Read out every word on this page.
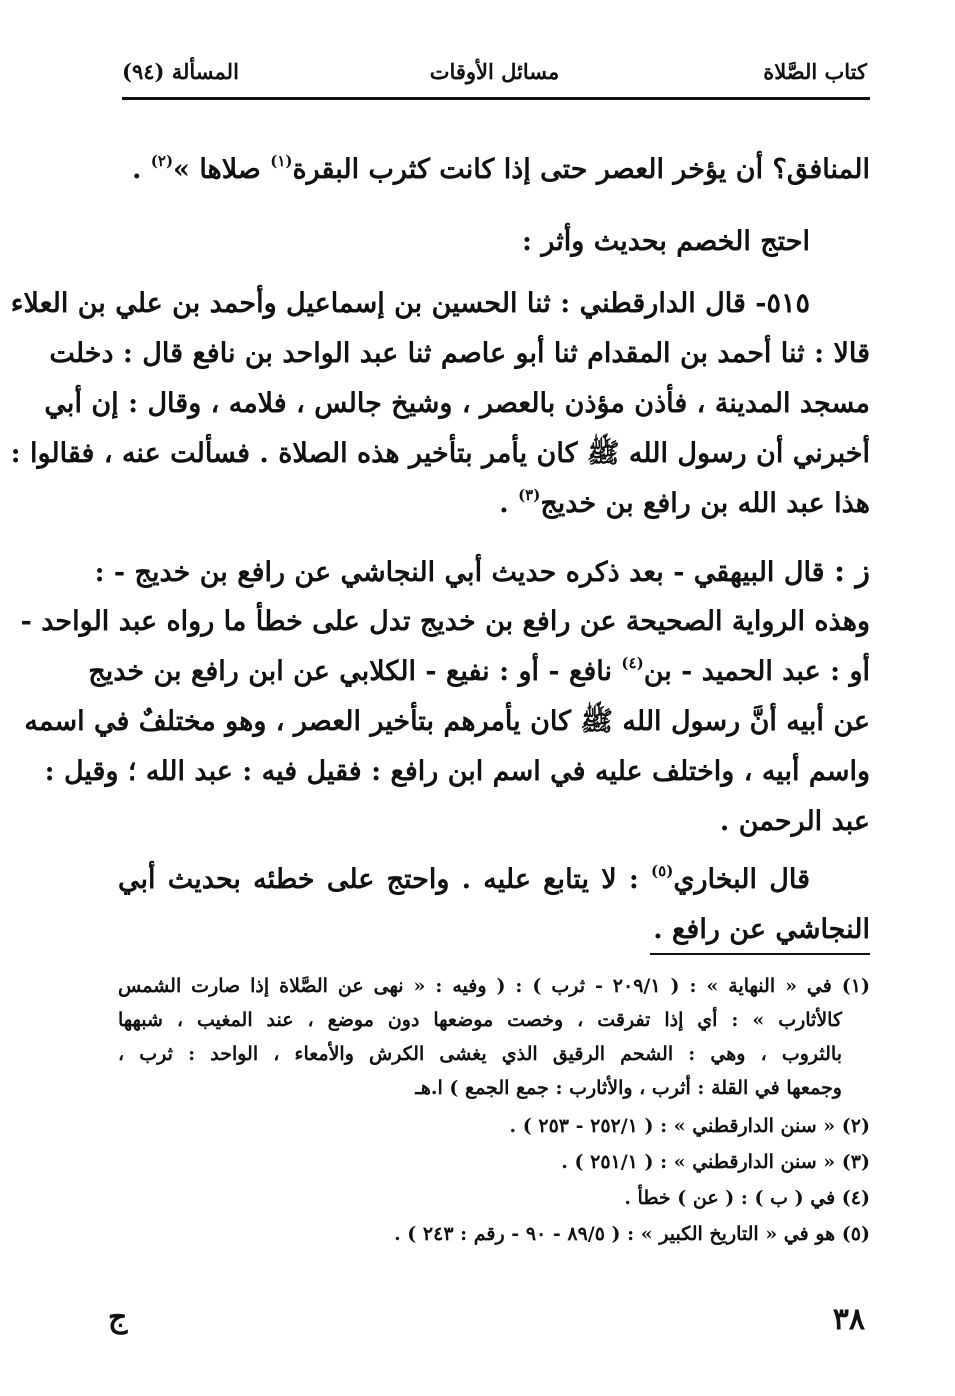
كتاب الصَّلاة
مسائل الأوقات
المسألة (٩٤)
المنافق؟ أن يؤخر العصر حتى إذا كانت كثرب البقرة$^{(١)}$ صلاها »$^{(٢)}$ .
احتج الخصم بحديث وأثر :
٥١٥- قال الدارقطني : ثنا الحسين بن إسماعيل وأحمد بن علي بن العلاء
قالا : ثنا أحمد بن المقدام ثنا أبو عاصم ثنا عبد الواحد بن نافع قال : دخلت
مسجد المدينة ، فأذن مؤذن بالعصر ، وشيخ جالس ، فلامه ، وقال : إن أبي
أخبرني أن رسول الله ﷺ كان يأمر بتأخير هذه الصلاة . فسألت عنه ، فقالوا :
هذا عبد الله بن رافع بن خديج$^{(٣)}$ .
ز : قال البيهقي - بعد ذكره حديث أبي النجاشي عن رافع بن خديج - :
وهذه الرواية الصحيحة عن رافع بن خديج تدل على خطأ ما رواه عبد الواحد -
أو : عبد الحميد - بن$^{(٤)}$ نافع - أو : نفيع - الكلابي عن ابن رافع بن خديج
عن أبيه أنَّ رسول الله ﷺ كان يأمرهم بتأخير العصر ، وهو مختلفٌ في اسمه
واسم أبيه ، واختلف عليه في اسم ابن رافع : فقيل فيه : عبد الله ؛ وقيل :
عبد الرحمن .
قال البخاري$^{(٥)}$ : لا يتابع عليه . واحتج على خطئه بحديث أبي
النجاشي عن رافع .
(١) في « النهاية » : ( ٢٠٩/١ - ثرب ) : ( وفيه : « نهى عن الصَّلاة إذا صارت الشمس
كالأثارب » : أي إذا تفرقت ، وخصت موضعها دون موضع ، عند المغيب ، شبهها
بالثروب ، وهي : الشحم الرقيق الذي يغشى الكرش والأمعاء ، الواحد : ثرب ،
وجمعها في القلة : أثرب ، والأثارب : جمع الجمع ) ا.هـ
(٢) « سنن الدارقطني » : ( ٢٥٢/١ - ٢٥٣ ) .
(٣) « سنن الدارقطني » : ( ٢٥١/١ ) .
(٤) في ( ب ) : ( عن ) خطأ .
(٥) هو في « التاريخ الكبير » : ( ٨٩/٥ - ٩٠ - رقم : ٢٤٣ ) .
٣٨
ج
